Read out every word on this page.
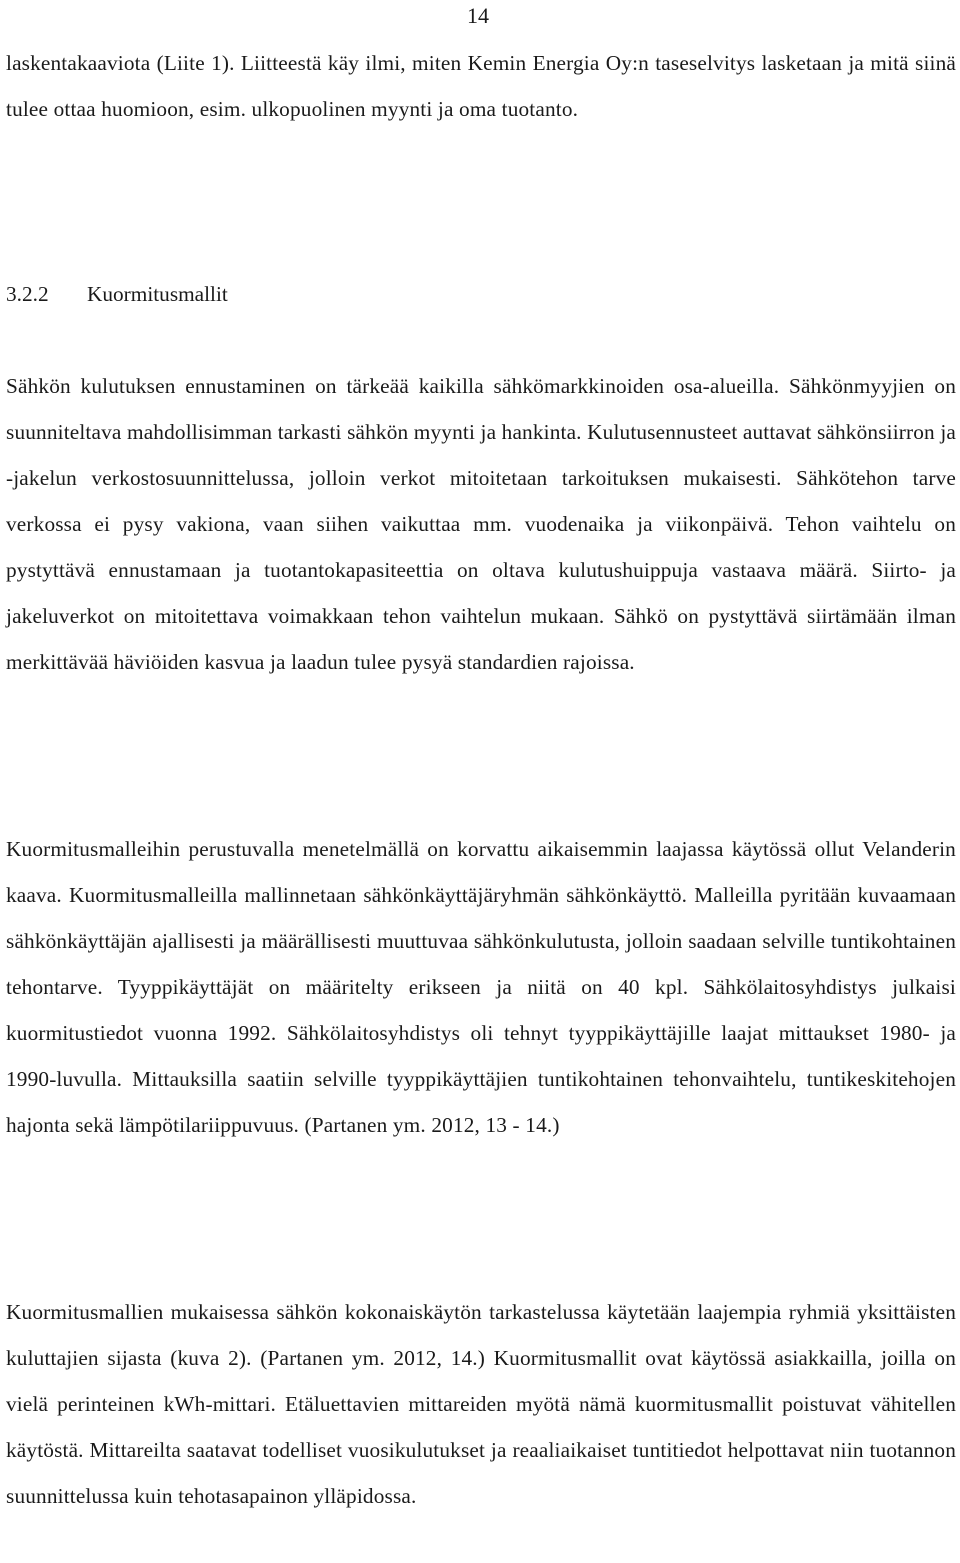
14

laskentakaaviota (Liite 1). Liitteestä käy ilmi, miten Kemin Energia Oy:n taseselvitys lasketaan ja mitä siinä tulee ottaa huomioon, esim. ulkopuolinen myynti ja oma tuotanto.

3.2.2 Kuormitusmallit

Sähkön kulutuksen ennustaminen on tärkeää kaikilla sähkömarkkinoiden osa-alueilla. Sähkönmyyjien on suunniteltava mahdollisimman tarkasti sähkön myynti ja hankinta. Kulutusennusteet auttavat sähkönsiirron ja -jakelun verkostosuunnittelussa, jolloin verkot mitoitetaan tarkoituksen mukaisesti. Sähkötehon tarve verkossa ei pysy vakiona, vaan siihen vaikuttaa mm. vuodenaika ja viikonpäivä. Tehon vaihtelu on pystyttävä ennustamaan ja tuotantokapasiteettia on oltava kulutushuippuja vastaava määrä. Siirto- ja jakeluverkot on mitoitettava voimakkaan tehon vaihtelun mukaan. Sähkö on pystyttävä siirtämään ilman merkittävää häviöiden kasvua ja laadun tulee pysyä standardien rajoissa.

Kuormitusmalleihin perustuvalla menetelmällä on korvattu aikaisemmin laajassa käytössä ollut Velanderin kaava. Kuormitusmalleilla mallinnetaan sähkönkäyttäjäryhmän sähkönkäyttö. Malleilla pyritään kuvaamaan sähkönkäyttäjän ajallisesti ja määrällisesti muuttuvaa sähkönkulutusta, jolloin saadaan selville tuntikohtainen tehontarve. Tyyppikäyttäjät on määritelty erikseen ja niitä on 40 kpl. Sähkölaitosyhdistys julkaisi kuormitustiedot vuonna 1992. Sähkölaitosyhdistys oli tehnyt tyyppikäyttäjille laajat mittaukset 1980- ja 1990-luvulla. Mittauksilla saatiin selville tyyppikäyttäjien tuntikohtainen tehonvaihtelu, tuntikeskitehojen hajonta sekä lämpötilariippuvuus. (Partanen ym. 2012, 13 - 14.)

Kuormitusmallien mukaisessa sähkön kokonaiskäytön tarkastelussa käytetään laajempia ryhmiä yksittäisten kuluttajien sijasta (kuva 2). (Partanen ym. 2012, 14.) Kuormitusmallit ovat käytössä asiakkailla, joilla on vielä perinteinen kWh-mittari. Etäluettavien mittareiden myötä nämä kuormitusmallit poistuvat vähitellen käytöstä. Mittareilta saatavat todelliset vuosikulutukset ja reaaliaikaiset tuntitiedot helpottavat niin tuotannon suunnittelussa kuin tehotasapainon ylläpidossa.
